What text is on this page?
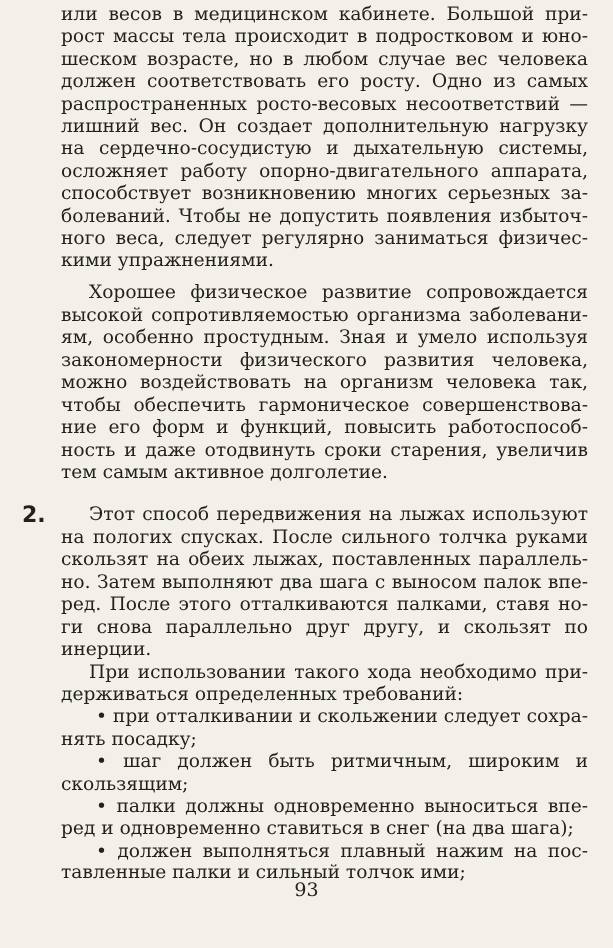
или весов в медицинском кабинете. Большой при-
рост массы тела происходит в подростковом и юно-
шеском возрасте, но в любом случае вес человека
должен соответствовать его росту. Одно из самых
распространенных росто-весовых несоответствий —
лишний вес. Он создает дополнительную нагрузку
на сердечно-сосудистую и дыхательную системы,
осложняет работу опорно-двигательного аппарата,
способствует возникновению многих серьезных за-
болеваний. Чтобы не допустить появления избыточ-
ного веса, следует регулярно заниматься физичес-
кими упражнениями.
Хорошее физическое развитие сопровождается
высокой сопротивляемостью организма заболевани-
ям, особенно простудным. Зная и умело используя
закономерности физического развития человека,
можно воздействовать на организм человека так,
чтобы обеспечить гармоническое совершенствова-
ние его форм и функций, повысить работоспособ-
ность и даже отодвинуть сроки старения, увеличив
тем самым активное долголетие.
2. Этот способ передвижения на лыжах используют
на пологих спусках. После сильного толчка руками
скользят на обеих лыжах, поставленных параллель-
но. Затем выполняют два шага с выносом палок впе-
ред. После этого отталкиваются палками, ставя но-
ги снова параллельно друг другу, и скользят по
инерции.
При использовании такого хода необходимо при-
держиваться определенных требований:
• при отталкивании и скольжении следует сохра-
нять посадку;
• шаг должен быть ритмичным, широким и
скользящим;
• палки должны одновременно выноситься впе-
ред и одновременно ставиться в снег (на два шага);
• должен выполняться плавный нажим на пос-
тавленные палки и сильный толчок ими;
93
